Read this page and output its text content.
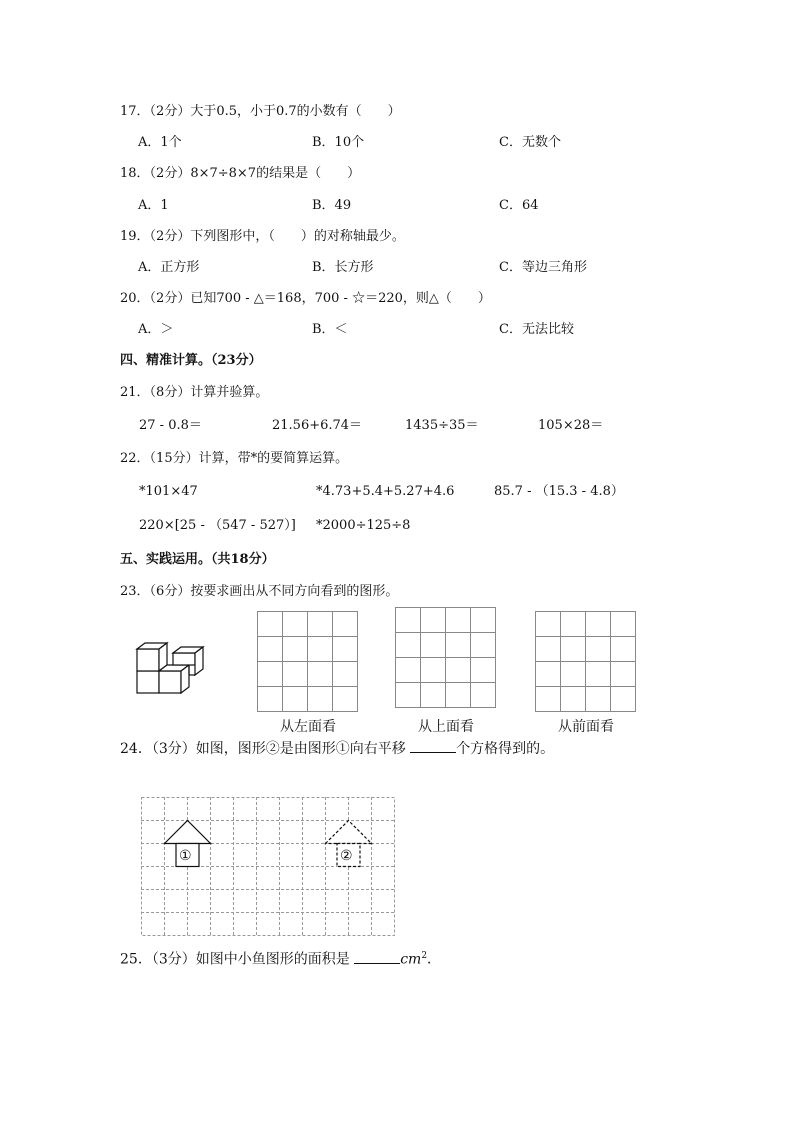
17．（2分）大于0.5，小于0.7的小数有（　　）
A．1个	B．10个	C．无数个
18．（2分）8×7÷8×7的结果是（　　）
A．1	B．49	C．64
19．（2分）下列图形中，（　　）的对称轴最少。
A．正方形	B．长方形	C．等边三角形
20．（2分）已知700 - △＝168，700 - ☆＝220，则△（　　）
A．＞	B．＜	C．无法比较
四、精准计算。（23分）
21．（8分）计算并验算。
27 - 0.8＝	21.56+6.74＝	1435÷35＝	105×28＝
22．（15分）计算，带*的要简算运算。
*101×47	*4.73+5.4+5.27+4.6	85.7 - （15.3 - 4.8）
220×[25 - （547 - 527）] *2000÷125÷8
五、实践运用。（共18分）
23．（6分）按要求画出从不同方向看到的图形。
从左面看	从上面看	从前面看
24．（3分）如图，图形②是由图形①向右平移	个方格得到的。
①	②
25．（3分）如图中小鱼图形的面积是	$cm^2$．
